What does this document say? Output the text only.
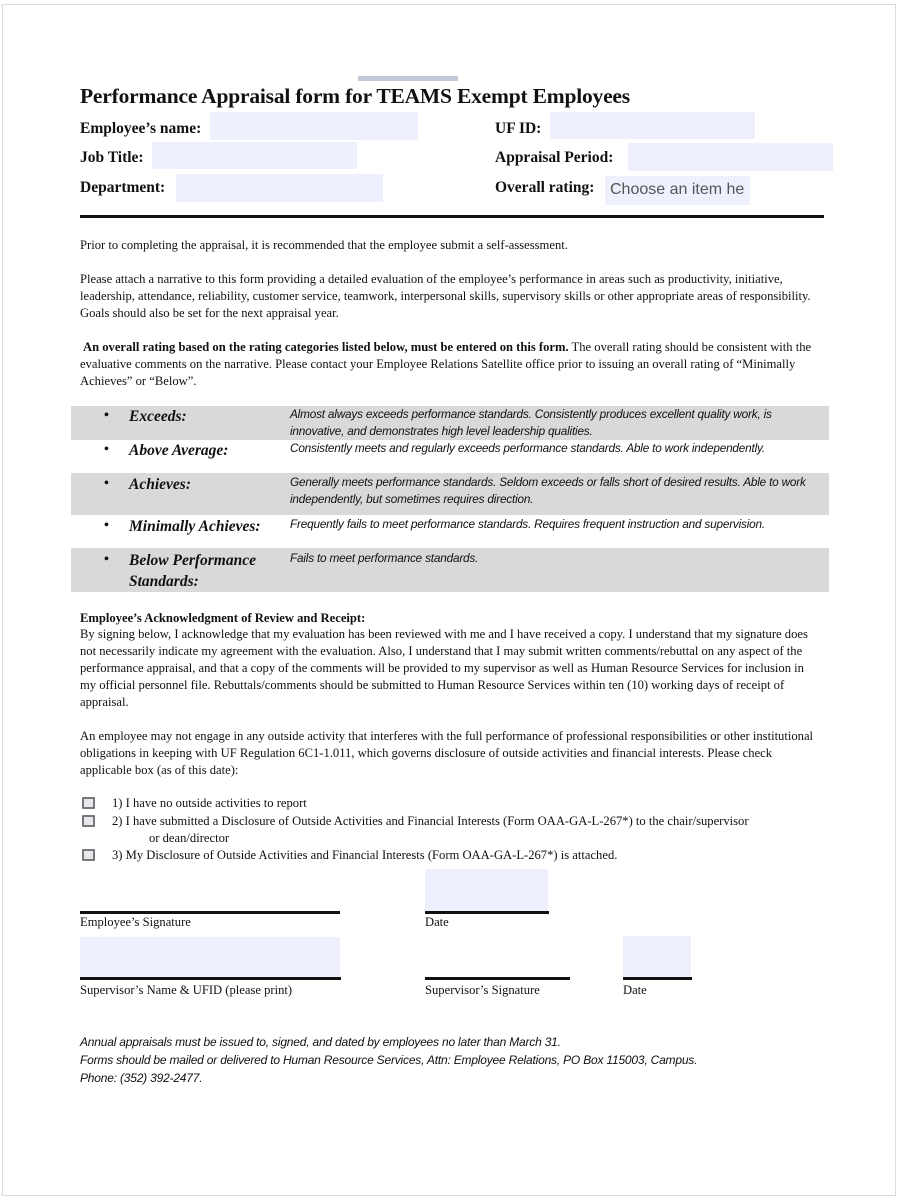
Performance Appraisal form for TEAMS Exempt Employees
Employee’s name:
Job Title:
Department:
UF ID:
Appraisal Period:
Overall rating: Choose an item he
Prior to completing the appraisal, it is recommended that the employee submit a self-assessment.
Please attach a narrative to this form providing a detailed evaluation of the employee’s performance in areas such as productivity, initiative, leadership, attendance, reliability, customer service, teamwork, interpersonal skills, supervisory skills or other appropriate areas of responsibility. Goals should also be set for the next appraisal year.
An overall rating based on the rating categories listed below, must be entered on this form. The overall rating should be consistent with the evaluative comments on the narrative. Please contact your Employee Relations Satellite office prior to issuing an overall rating of “Minimally Achieves” or “Below”.
• Exceeds:	Almost always exceeds performance standards. Consistently produces excellent quality work, is innovative, and demonstrates high level leadership qualities.
• Above Average:	Consistently meets and regularly exceeds performance standards. Able to work independently.
• Achieves:	Generally meets performance standards. Seldom exceeds or falls short of desired results. Able to work independently, but sometimes requires direction.
• Minimally Achieves: Frequently fails to meet performance standards. Requires frequent instruction and supervision.
• Below Performance Standards:
Fails to meet performance standards.
Employee’s Acknowledgment of Review and Receipt:
By signing below, I acknowledge that my evaluation has been reviewed with me and I have received a copy. I understand that my signature does not necessarily indicate my agreement with the evaluation. Also, I understand that I may submit written comments/rebuttal on any aspect of the performance appraisal, and that a copy of the comments will be provided to my supervisor as well as Human Resource Services for inclusion in my official personnel file. Rebuttals/comments should be submitted to Human Resource Services within ten (10) working days of receipt of appraisal.
An employee may not engage in any outside activity that interferes with the full performance of professional responsibilities or other institutional obligations in keeping with UF Regulation 6C1-1.011, which governs disclosure of outside activities and financial interests. Please check applicable box (as of this date):
1) I have no outside activities to report
2) I have submitted a Disclosure of Outside Activities and Financial Interests (Form OAA-GA-L-267*) to the chair/supervisor
or dean/director
3) My Disclosure of Outside Activities and Financial Interests (Form OAA-GA-L-267*) is attached.
Employee’s Signature	Date
Supervisor’s Name & UFID (please print)	Supervisor’s Signature	Date
Annual appraisals must be issued to, signed, and dated by employees no later than March 31.
Forms should be mailed or delivered to Human Resource Services, Attn: Employee Relations, PO Box 115003, Campus.
Phone: (352) 392-2477.
